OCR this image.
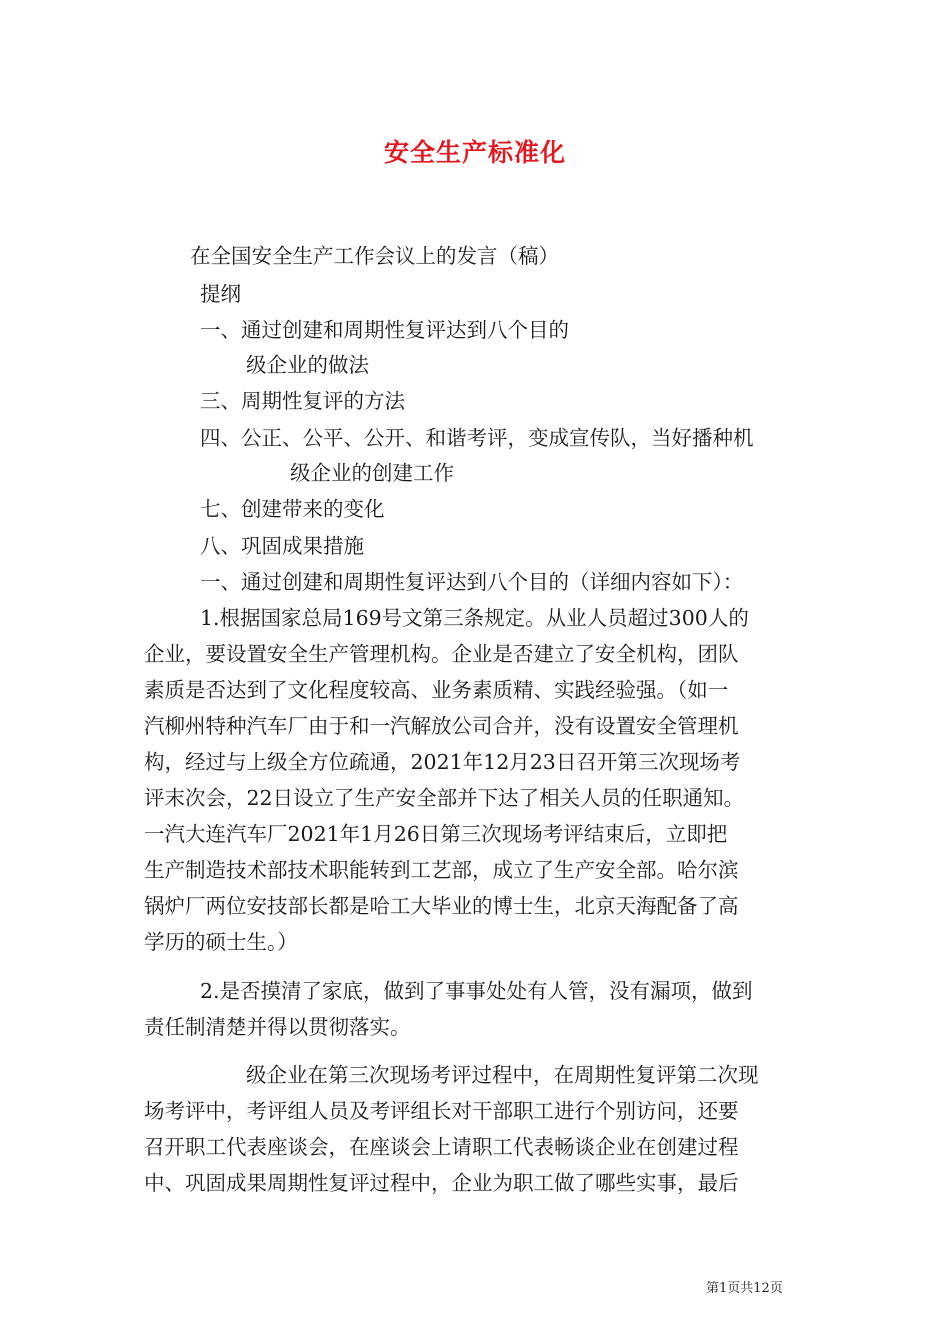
安全生产标准化
在全国安全生产工作会议上的发言（稿）
提纲
一、通过创建和周期性复评达到八个目的
级企业的做法
三、周期性复评的方法
四、公正、公平、公开、和谐考评，变成宣传队，当好播种机
级企业的创建工作
七、创建带来的变化
八、巩固成果措施
一、通过创建和周期性复评达到八个目的（详细内容如下）：
1.根据国家总局169号文第三条规定。从业人员超过300人的
企业，要设置安全生产管理机构。企业是否建立了安全机构，团队
素质是否达到了文化程度较高、业务素质精、实践经验强。（如一
汽柳州特种汽车厂由于和一汽解放公司合并，没有设置安全管理机
构，经过与上级全方位疏通，2021年12月23日召开第三次现场考
评末次会，22日设立了生产安全部并下达了相关人员的任职通知。
一汽大连汽车厂2021年1月26日第三次现场考评结束后，立即把
生产制造技术部技术职能转到工艺部，成立了生产安全部。哈尔滨
锅炉厂两位安技部长都是哈工大毕业的博士生，北京天海配备了高
学历的硕士生。）
2.是否摸清了家底，做到了事事处处有人管，没有漏项，做到
责任制清楚并得以贯彻落实。
级企业在第三次现场考评过程中，在周期性复评第二次现
场考评中，考评组人员及考评组长对干部职工进行个别访问，还要
召开职工代表座谈会，在座谈会上请职工代表畅谈企业在创建过程
中、巩固成果周期性复评过程中，企业为职工做了哪些实事，最后
第1页共12页
